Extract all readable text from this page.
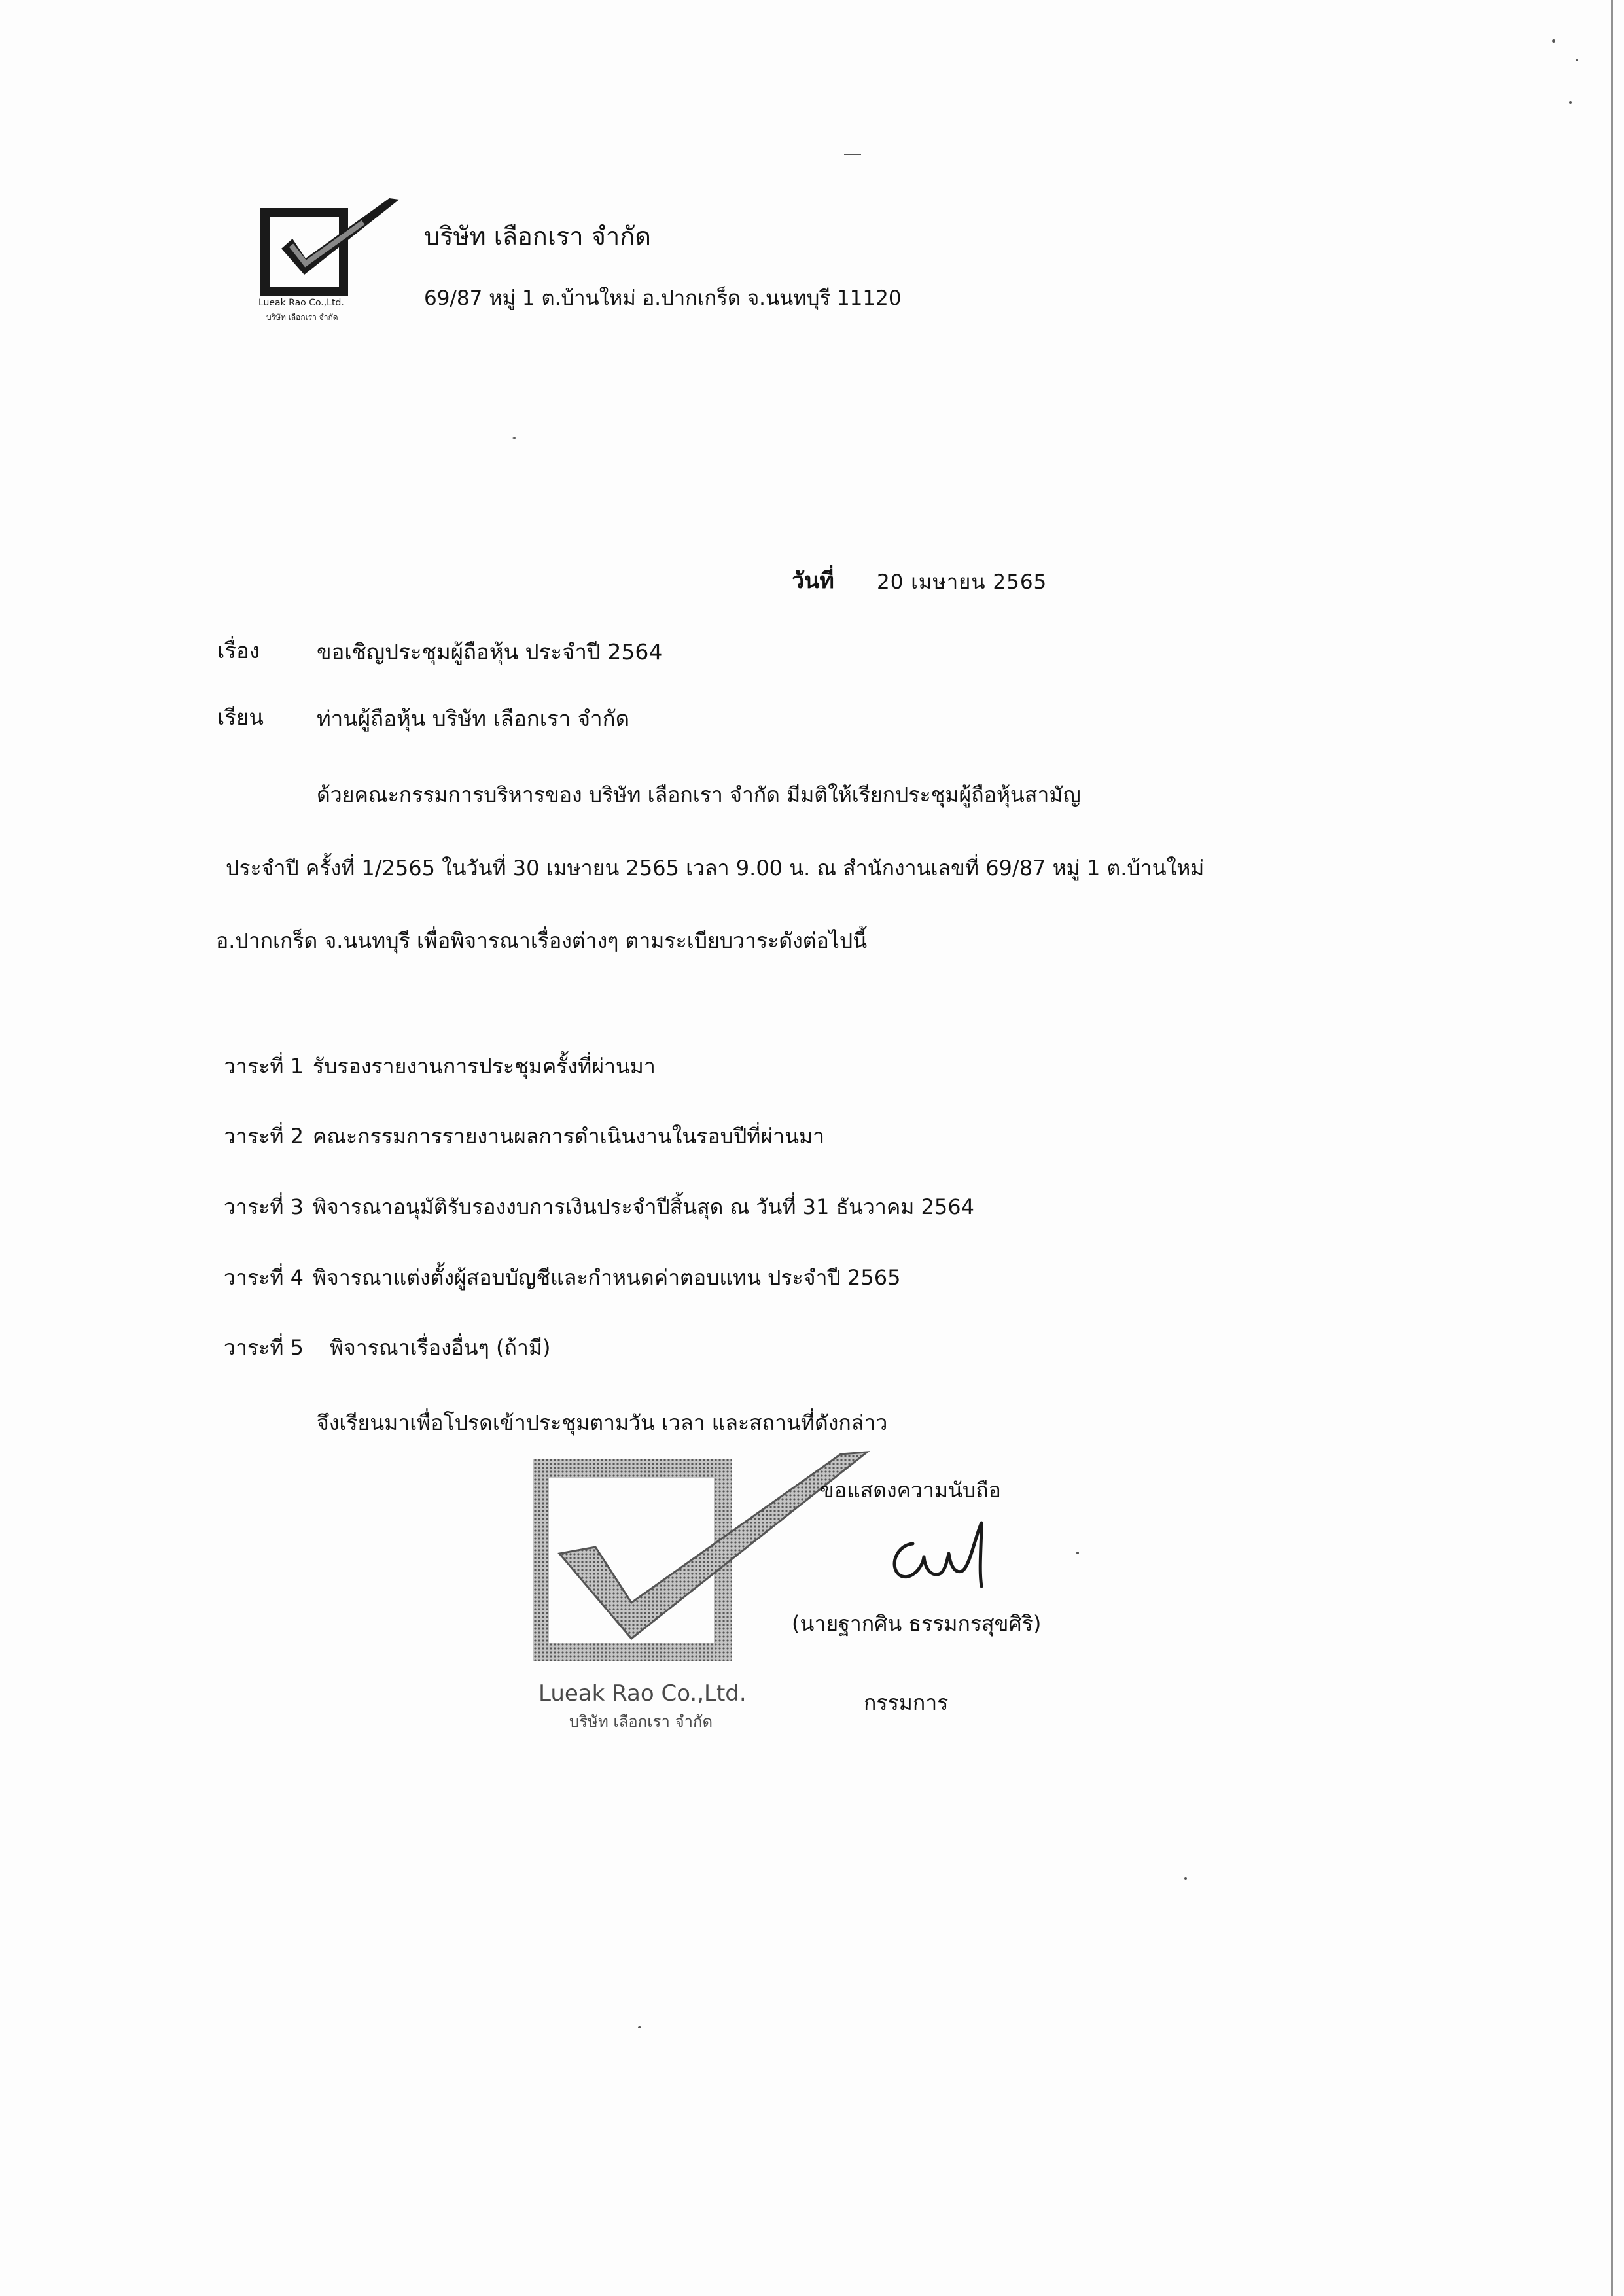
Lueak Rao Co.,Ltd.
บริษัท เลือกเรา จำกัด
บริษัท เลือกเรา จำกัด
69/87 หมู่ 1 ต.บ้านใหม่ อ.ปากเกร็ด จ.นนทบุรี 11120
วันที่ 20 เมษายน 2565
เรื่อง	ขอเชิญประชุมผู้ถือหุ้น ประจำปี 2564
เรียน ท่านผู้ถือหุ้น บริษัท เลือกเรา จำกัด
ด้วยคณะกรรมการบริหารของ บริษัท เลือกเรา จำกัด มีมติให้เรียกประชุมผู้ถือหุ้นสามัญ
ประจำปี ครั้งที่ 1/2565 ในวันที่ 30 เมษายน 2565 เวลา 9.00 น. ณ สำนักงานเลขที่ 69/87 หมู่ 1 ต.บ้านใหม่
อ.ปากเกร็ด จ.นนทบุรี เพื่อพิจารณาเรื่องต่างๆ ตามระเบียบวาระดังต่อไปนี้
วาระที่ 1 รับรองรายงานการประชุมครั้งที่ผ่านมา
วาระที่ 2 คณะกรรมการรายงานผลการดำเนินงานในรอบปีที่ผ่านมา
วาระที่ 3 พิจารณาอนุมัติรับรองงบการเงินประจำปีสิ้นสุด ณ วันที่ 31 ธันวาคม 2564
วาระที่ 4 พิจารณาแต่งตั้งผู้สอบบัญชีและกำหนดค่าตอบแทน ประจำปี 2565
วาระที่ 5 พิจารณาเรื่องอื่นๆ (ถ้ามี)
จึงเรียนมาเพื่อโปรดเข้าประชุมตามวัน เวลา และสถานที่ดังกล่าว
Lueak Rao Co.,Ltd.
บริษัท เลือกเรา จำกัด
ขอแสดงความนับถือ
(นายฐากศิน ธรรมกรสุขศิริ)
กรรมการ
